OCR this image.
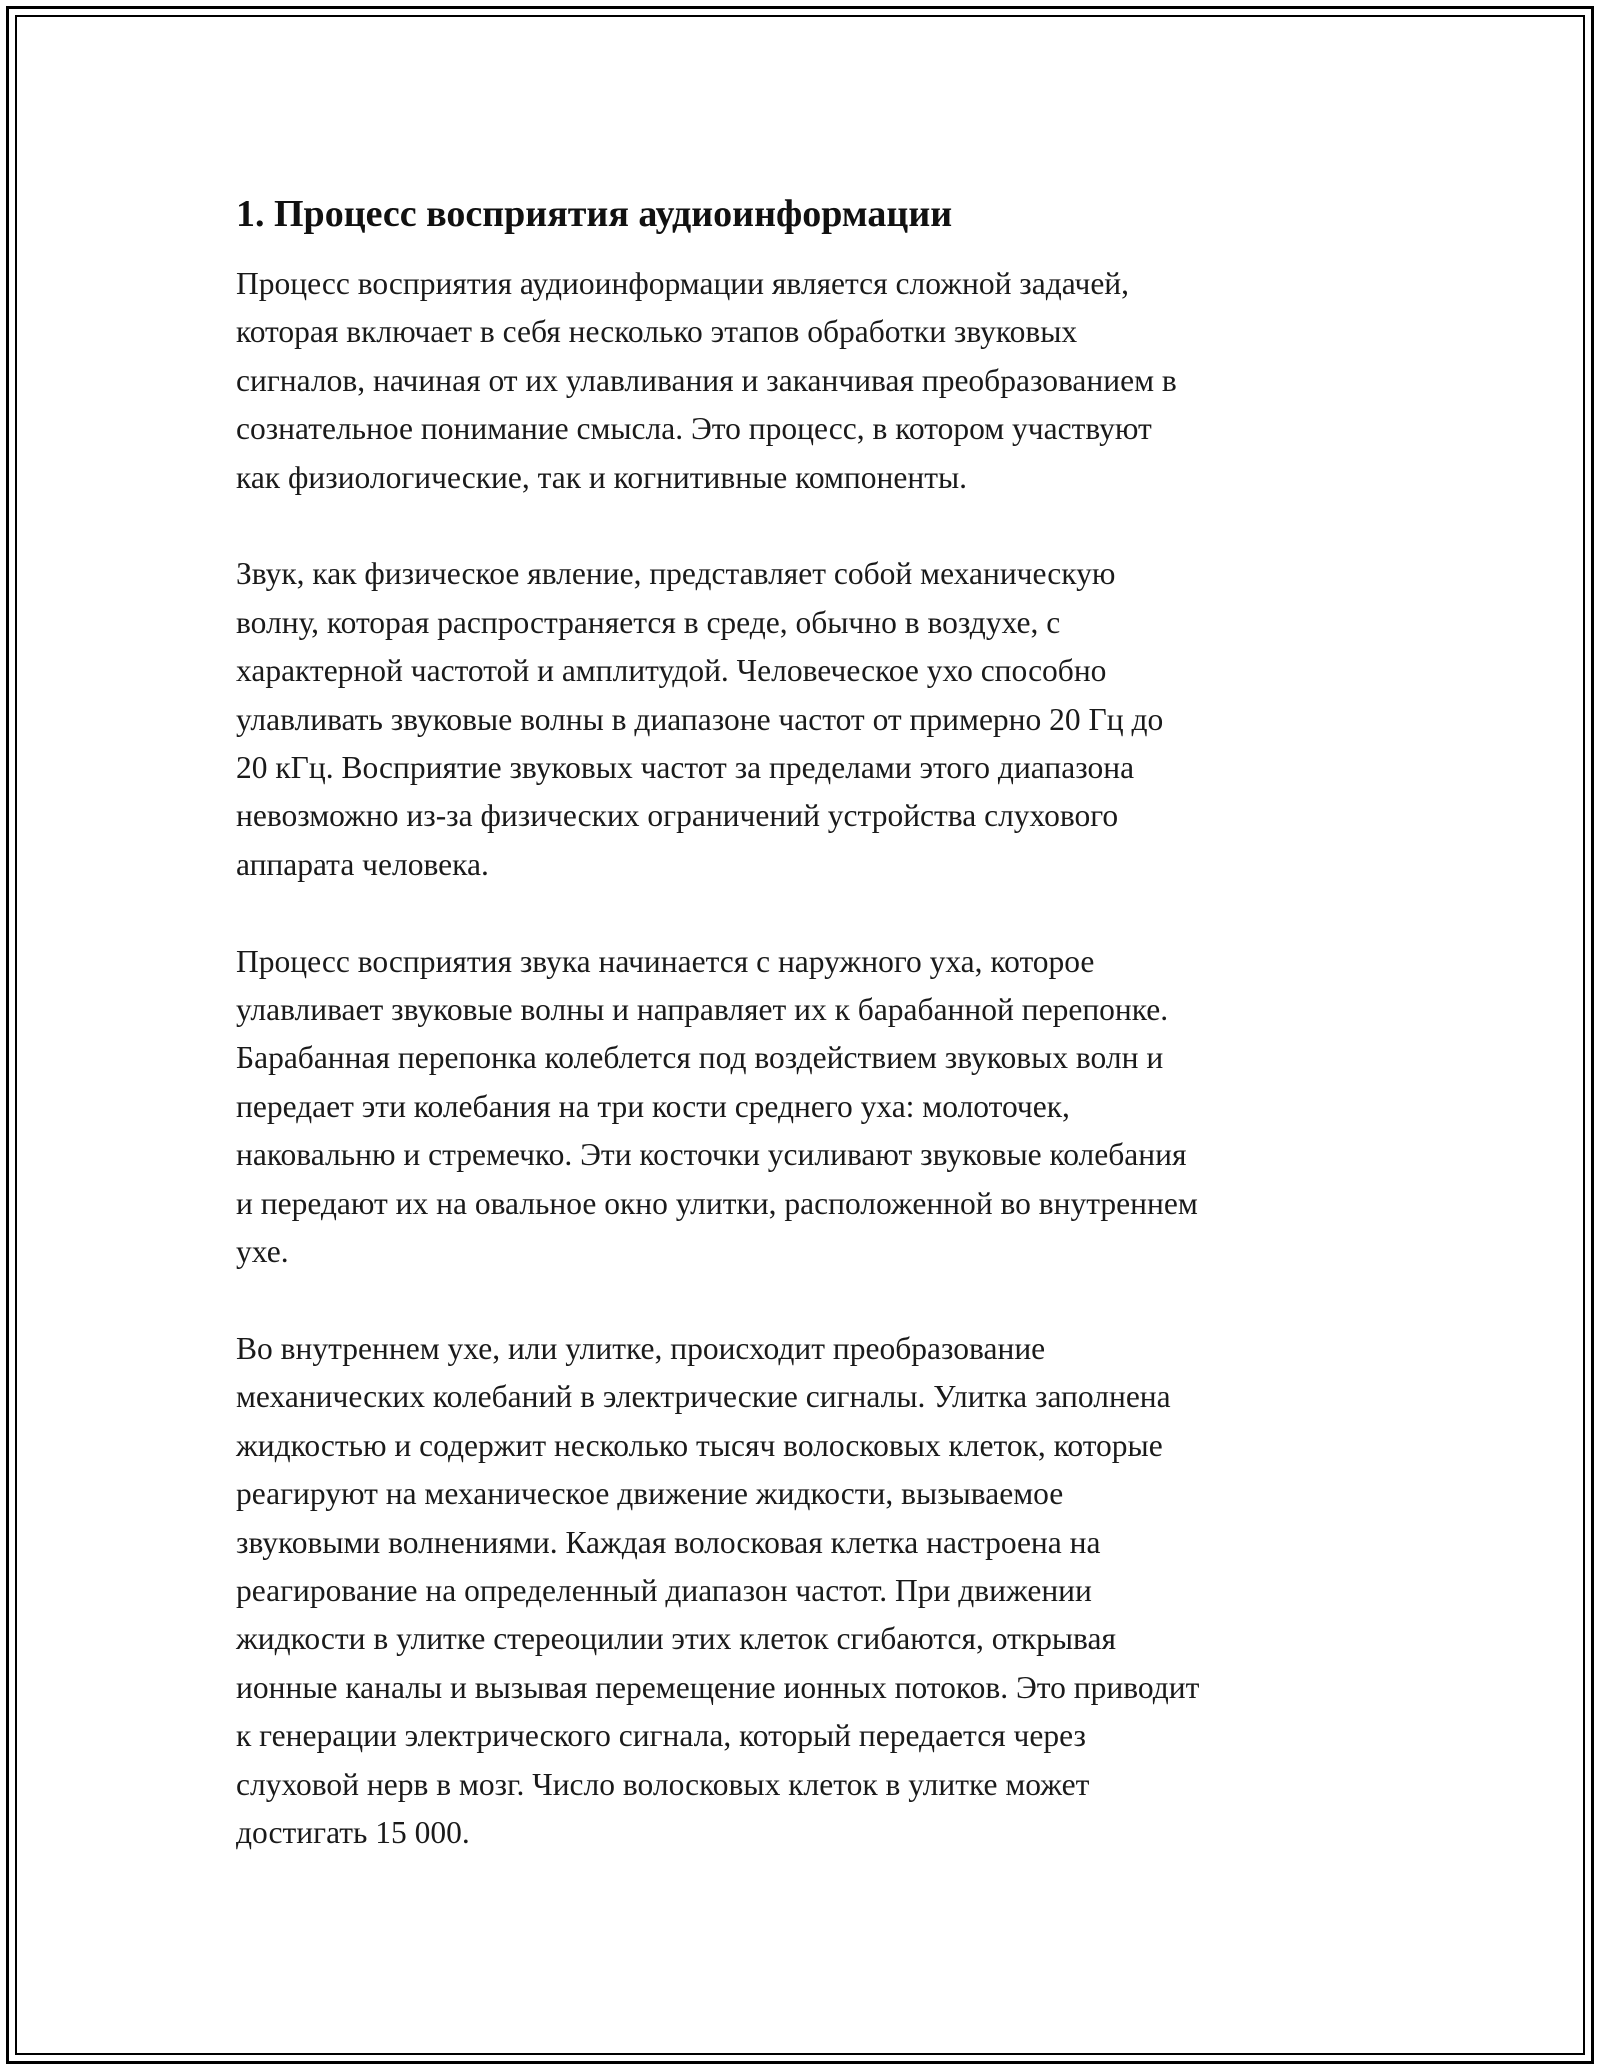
1. Процесс восприятия аудиоинформации

Процесс восприятия аудиоинформации является сложной задачей,
которая включает в себя несколько этапов обработки звуковых
сигналов, начиная от их улавливания и заканчивая преобразованием в
сознательное понимание смысла. Это процесс, в котором участвуют
как физиологические, так и когнитивные компоненты.

Звук, как физическое явление, представляет собой механическую
волну, которая распространяется в среде, обычно в воздухе, с
характерной частотой и амплитудой. Человеческое ухо способно
улавливать звуковые волны в диапазоне частот от примерно 20 Гц до
20 кГц. Восприятие звуковых частот за пределами этого диапазона
невозможно из-за физических ограничений устройства слухового
аппарата человека.

Процесс восприятия звука начинается с наружного уха, которое
улавливает звуковые волны и направляет их к барабанной перепонке.
Барабанная перепонка колеблется под воздействием звуковых волн и
передает эти колебания на три кости среднего уха: молоточек,
наковальню и стремечко. Эти косточки усиливают звуковые колебания
и передают их на овальное окно улитки, расположенной во внутреннем
ухе.

Во внутреннем ухе, или улитке, происходит преобразование
механических колебаний в электрические сигналы. Улитка заполнена
жидкостью и содержит несколько тысяч волосковых клеток, которые
реагируют на механическое движение жидкости, вызываемое
звуковыми волнениями. Каждая волосковая клетка настроена на
реагирование на определенный диапазон частот. При движении
жидкости в улитке стереоцилии этих клеток сгибаются, открывая
ионные каналы и вызывая перемещение ионных потоков. Это приводит
к генерации электрического сигнала, который передается через
слуховой нерв в мозг. Число волосковых клеток в улитке может
достигать 15 000.
